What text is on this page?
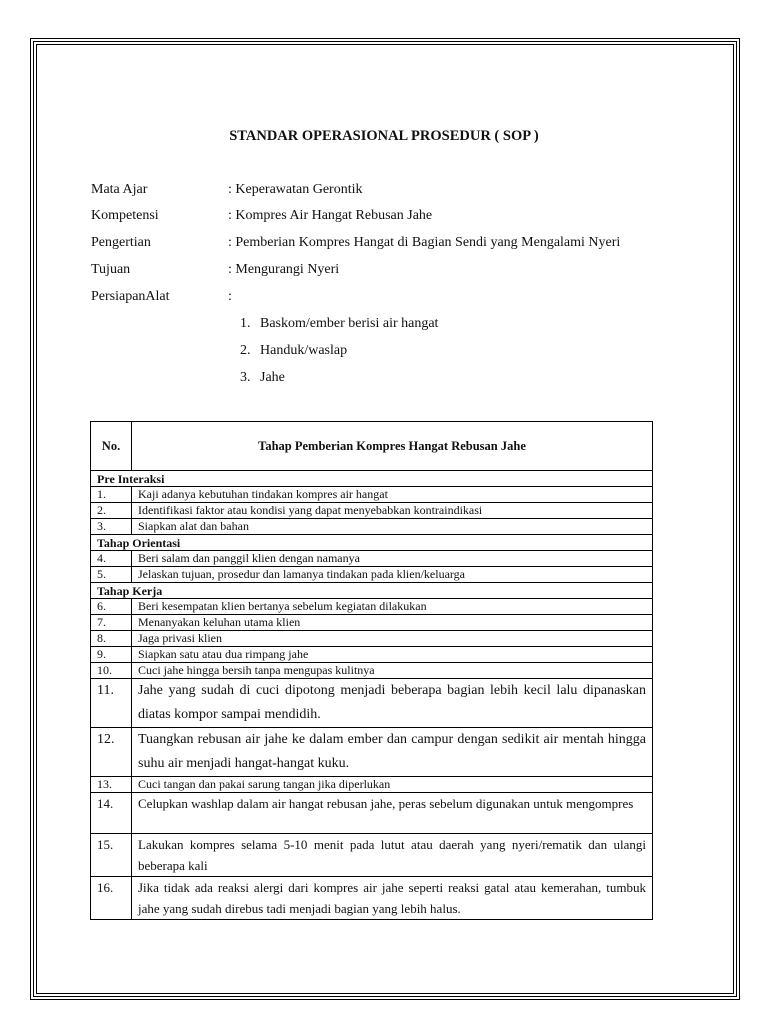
STANDAR OPERASIONAL PROSEDUR ( SOP )
Mata Ajar	: Keperawatan Gerontik
Kompetensi	: Kompres Air Hangat Rebusan Jahe
Pengertian	: Pemberian Kompres Hangat di Bagian Sendi yang Mengalami Nyeri
Tujuan	: Mengurangi Nyeri
PersiapanAlat	:
1. Baskom/ember berisi air hangat
2. Handuk/waslap
3. Jahe
No.	Tahap Pemberian Kompres Hangat Rebusan Jahe
Pre Interaksi	
1.	Kaji adanya kebutuhan tindakan kompres air hangat
2.	Identifikasi faktor atau kondisi yang dapat menyebabkan kontraindikasi
3.	Siapkan alat dan bahan
Tahap Orientasi	
4.	Beri salam dan panggil klien dengan namanya
5.	Jelaskan tujuan, prosedur dan lamanya tindakan pada klien/keluarga
Tahap Kerja	
6.	Beri kesempatan klien bertanya sebelum kegiatan dilakukan
7.	Menanyakan keluhan utama klien
8.	Jaga privasi klien
9.	Siapkan satu atau dua rimpang jahe
10.	Cuci jahe hingga bersih tanpa mengupas kulitnya
11.	Jahe yang sudah di cuci dipotong menjadi beberapa bagian lebih kecil lalu dipanaskan diatas kompor sampai mendidih.
12.	Tuangkan rebusan air jahe ke dalam ember dan campur dengan sedikit air mentah hingga suhu air menjadi hangat-hangat kuku.
13.	Cuci tangan dan pakai sarung tangan jika diperlukan
14.	Celupkan washlap dalam air hangat rebusan jahe, peras sebelum digunakan untuk mengompres
15.	Lakukan kompres selama 5-10 menit pada lutut atau daerah yang nyeri/rematik dan ulangi beberapa kali
16.	Jika tidak ada reaksi alergi dari kompres air jahe seperti reaksi gatal atau kemerahan, tumbuk jahe yang sudah direbus tadi menjadi bagian yang lebih halus.
